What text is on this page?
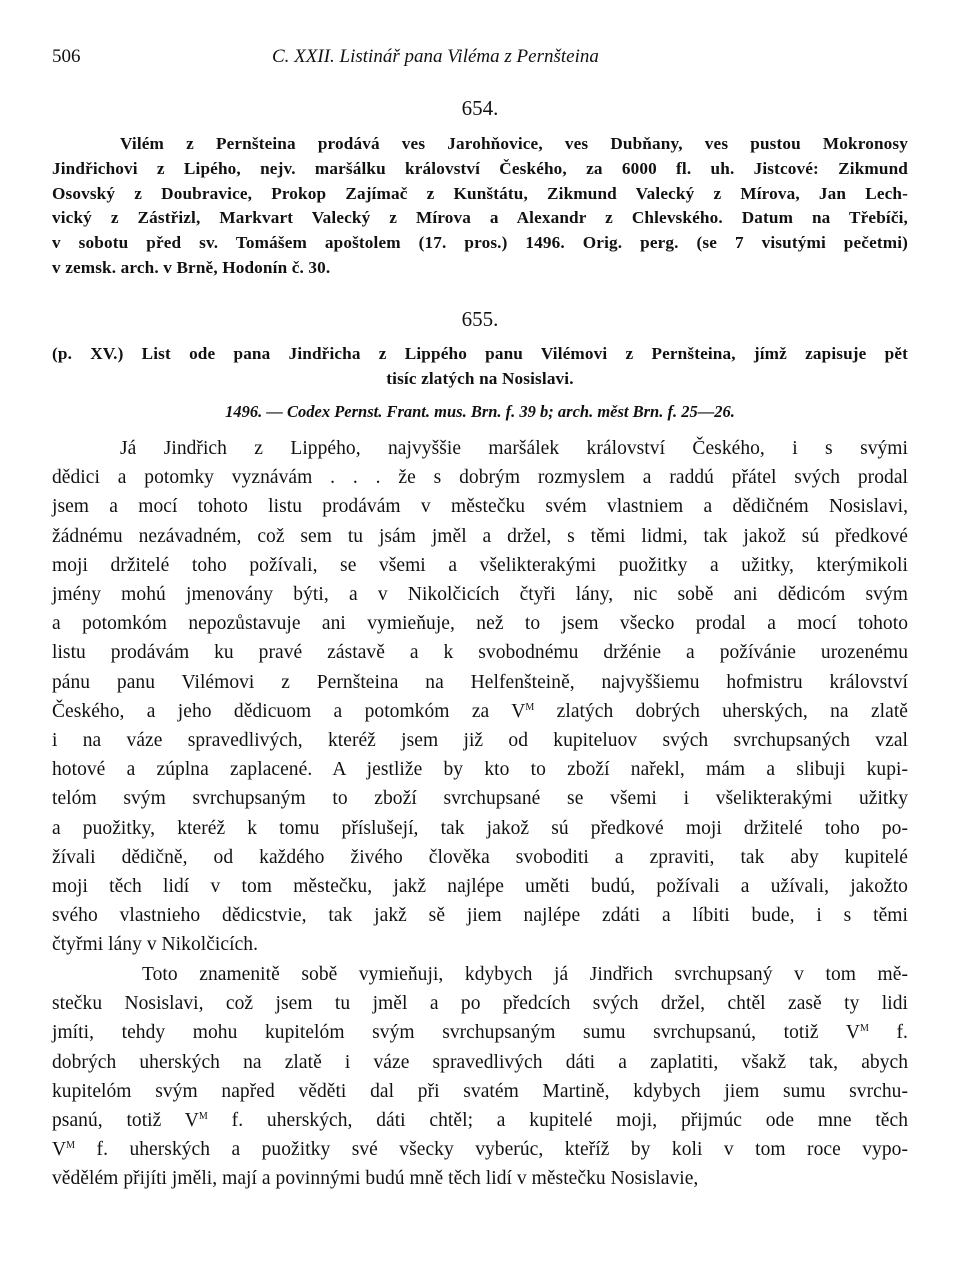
506	C. XXII. Listinář pana Viléma z Pernšteina
654.
Vilém z Pernšteina prodává ves Jarohňovice, ves Dubňany, ves pustou Mokronosy
Jindřichovi z Lipého, nejv. maršálku království Českého, za 6000 fl. uh. Jistcové: Zikmund
Osovský z Doubravice, Prokop Zajímač z Kunštátu, Zikmund Valecký z Mírova, Jan Lech-
vický z Zástřizl, Markvart Valecký z Mírova a Alexandr z Chlevského. Datum na Třebíči,
v sobotu před sv. Tomášem apoštolem (17. pros.) 1496. Orig. perg. (se 7 visutými pečetmi)
v zemsk. arch. v Brně, Hodonín č. 30.
655.
(p. XV.) List ode pana Jindřicha z Lippého panu Vilémovi z Pernšteina, jímž zapisuje pět
tisíc zlatých na Nosislavi.
1496. — Codex Pernst. Frant. mus. Brn. f. 39 b; arch. měst Brn. f. 25—26.
Já Jindřich z Lippého, najvyššie maršálek království Českého, i s svými
dědici a potomky vyznávám . . . že s dobrým rozmyslem a raddú přátel svých prodal
jsem a mocí tohoto listu prodávám v městečku svém vlastniem a dědičném Nosislavi,
žádnému nezávadném, což sem tu jsám jměl a držel, s těmi lidmi, tak jakož sú předkové
moji držitelé toho požívali, se všemi a všelikterakými puožitky a užitky, kterýmikoli
jmény mohú jmenovány býti, a v Nikolčicích čtyři lány, nic sobě ani dědicóm svým
a potomkóm nepozůstavuje ani vymieňuje, než to jsem všecko prodal a mocí tohoto
listu prodávám ku pravé zástavě a k svobodnému držénie a požívánie urozenému
pánu panu Vilémovi z Pernšteina na Helfenšteině, najvyššiemu hofmistru království
Českého, a jeho dědicuom a potomkóm za $V^M$ zlatých dobrých uherských, na zlatě
i na váze spravedlivých, kteréž jsem již od kupiteluov svých svrchupsaných vzal
hotové a zúplna zaplacené. A jestliže by kto to zboží nařekl, mám a slibuji kupi-
telóm svým svrchupsaným to zboží svrchupsané se všemi i všelikterakými užitky
a puožitky, kteréž k tomu příslušejí, tak jakož sú předkové moji držitelé toho po-
žívali dědičně, od každého živého člověka svoboditi a zpraviti, tak aby kupitelé
moji těch lidí v tom městečku, jakž najlépe uměti budú, požívali a užívali, jakožto
svého vlastnieho dědicstvie, tak jakž sě jiem najlépe zdáti a líbiti bude, i s těmi
čtyřmi lány v Nikolčicích.
Toto znamenitě sobě vymieňuji, kdybych já Jindřich svrchupsaný v tom mě-
stečku Nosislavi, což jsem tu jměl a po předcích svých držel, chtěl zasě ty lidi
jmíti, tehdy mohu kupitelóm svým svrchupsaným sumu svrchupsanú, totiž $V^M$ f.
dobrých uherských na zlatě i váze spravedlivých dáti a zaplatiti, všakž tak, abych
kupitelóm svým napřed věděti dal při svatém Martině, kdybych jiem sumu svrchu-
psanú, totiž $V^M$ f. uherských, dáti chtěl; a kupitelé moji, přijmúc ode mne těch
$V^M$ f. uherských a puožitky své všecky vyberúc, kteříž by koli v tom roce vypo-
vědělém přijíti jměli, mají a povinnými budú mně těch lidí v městečku Nosislavie,
